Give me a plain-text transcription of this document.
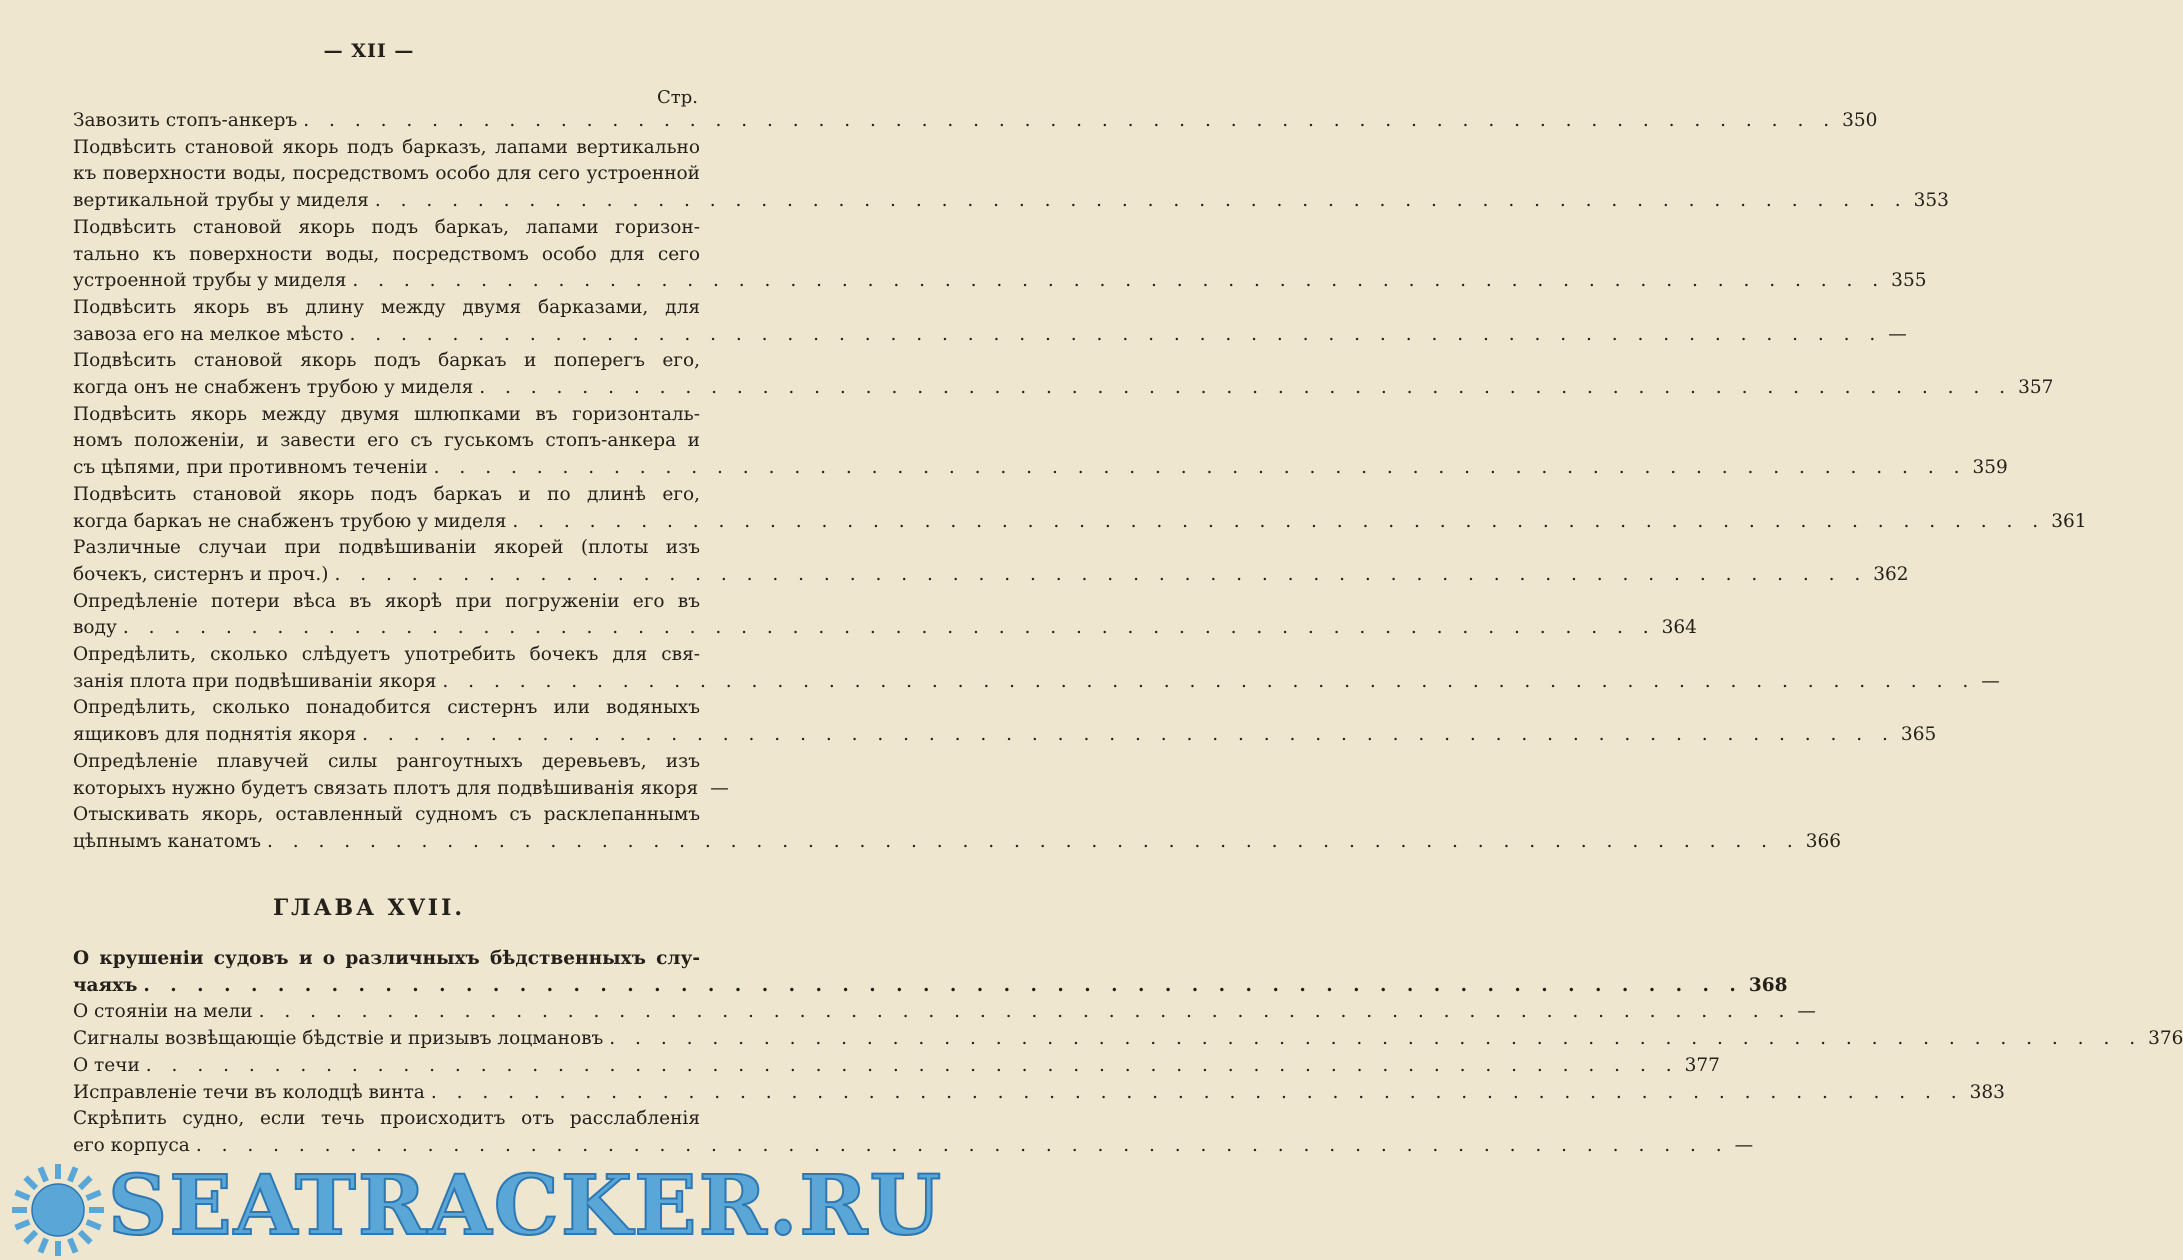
— XII —
Стр.
Завозить стопъ-анкеръ . . .	350
Подвѣсить становой якорь подъ барказъ, лапами вертикально
къ поверхности воды, посредствомъ особо для сего устроенной
вертикальной трубы у миделя . . .	353
Подвѣсить становой якорь подъ баркаъ, лапами горизон-
тально къ поверхности воды, посредствомъ особо для сего
устроенной трубы у миделя . . .	355
Подвѣсить якорь въ длину между двумя барказами, для
завоза его на мелкое мѣсто . . .	—
Подвѣсить становой якорь подъ баркаъ и поперегъ его,
когда онъ не снабженъ трубою у миделя . . .	357
Подвѣсить якорь между двумя шлюпками въ горизонталь-
номъ положеніи, и завести его съ гуськомъ стопъ-анкера и
съ цѣпями, при противномъ теченіи . . .	359
Подвѣсить становой якорь подъ баркаъ и по длинѣ его,
когда баркаъ не снабженъ трубою у миделя . . .	361
Различные случаи при подвѣшиваніи якорей (плоты изъ
бочекъ, систернъ и проч.) . . .	362
Опредѣленіе потери вѣса въ якорѣ при погруженіи его въ
воду . . .	364
Опредѣлить, сколько слѣдуетъ употребить бочекъ для свя-
занія плота при подвѣшиваніи якоря . . .	—
Опредѣлить, сколько понадобится систернъ или водяныхъ
ящиковъ для поднятія якоря . . .	365
Опредѣленіе плавучей силы рангоутныхъ деревьевъ, изъ
которыхъ нужно будетъ связать плотъ для подвѣшиванія якоря —
Отыскивать якорь, оставленный судномъ съ расклепаннымъ
цѣпнымъ канатомъ . . .	366
ГЛАВА XVII.
О крушеніи судовъ и о различныхъ бѣдственныхъ слу-
чаяхъ . . .	368
О стояніи на мели . . .	—
Сигналы возвѣщающіе бѣдствіе и призывъ лоцмановъ . . .	376
О течи . . .	377
Исправленіе течи въ колодцѣ винта . . .	383
Скрѣпить судно, если течь происходитъ отъ расслабленія
его корпуса . . .	—
SEATRACKER.RU
